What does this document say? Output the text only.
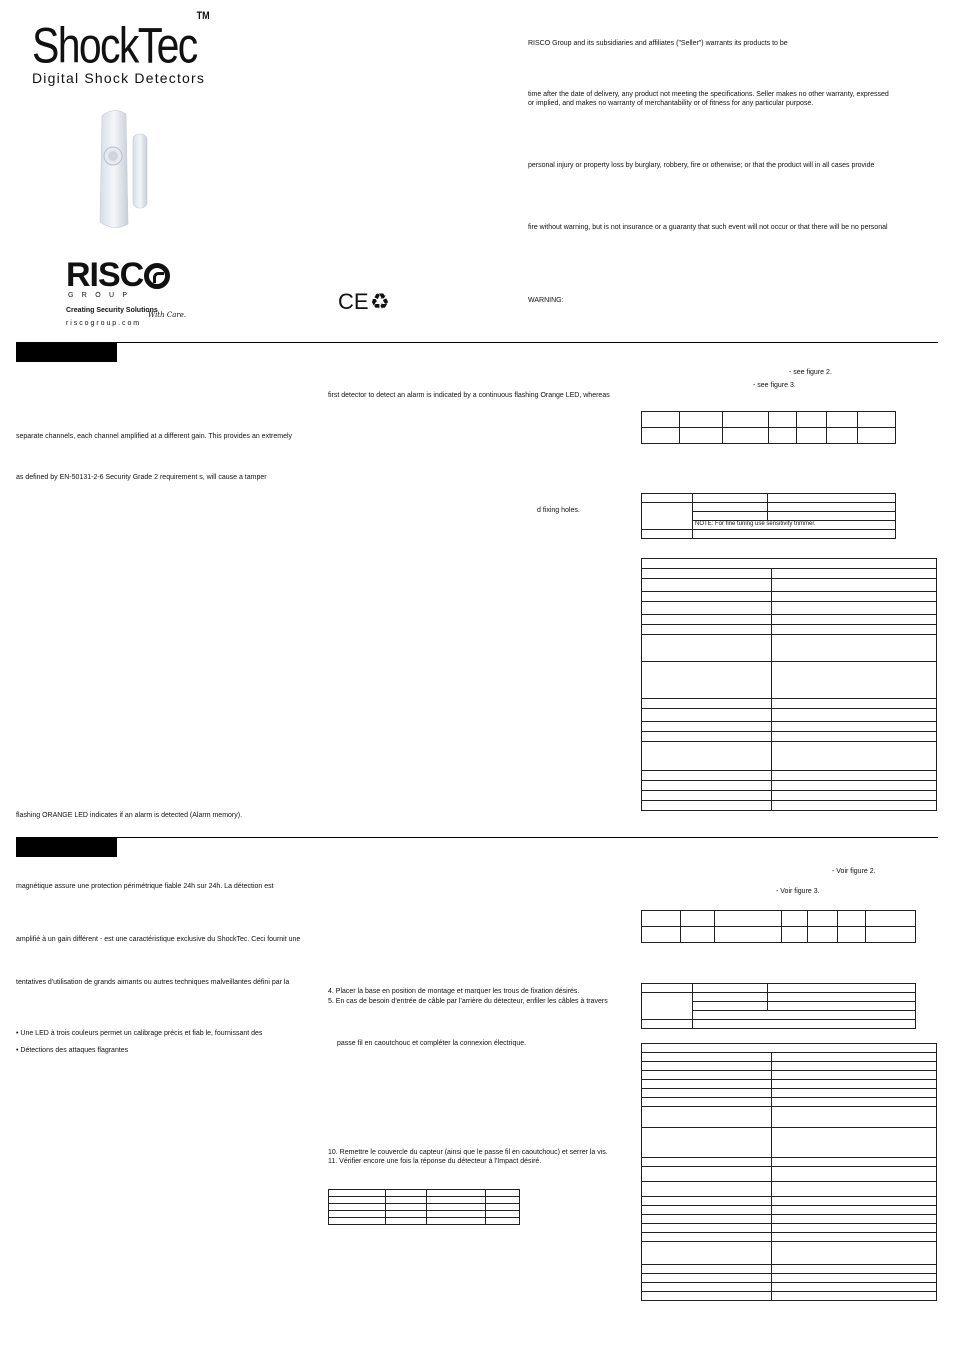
ShockTec™
Digital Shock Detectors
RISC
G R O U P
Creating Security Solutions
With Care.
r i s c o g r o u p . c o m
CE ♻
RISCO Group and its subsidiaries and affiliates ("Seller") warrants its products to be
time after the date of delivery, any product not meeting the specifications. Seller makes no other warranty, expressed
or implied, and makes no warranty of merchantability or of fitness for any particular purpose.
personal injury or property loss by burglary, robbery, fire or otherwise; or that the product will in all cases provide
fire without warning, but is not insurance or a guaranty that such event will not occur or that there will be no personal
WARNING:
- see figure 2.
- see figure 3.
first detector to detect an alarm is indicated by a continuous flashing Orange LED, whereas
separate channels, each channel amplified at a different gain. This provides an extremely
as defined by EN-50131-2-6 Security Grade 2 requirement s, will cause a tamper
d fixing holes.
flashing ORANGE LED indicates if an alarm is detected (Alarm memory).

	NOTE: For fine tuning use sensitivity trimmer.	

- Voir figure 2.
- Voir figure 3.
magnétique assure une protection périmétrique fiable 24h sur 24h. La détection est
amplifié à un gain différent - est une caractéristique exclusive du ShockTec. Ceci fournit une
tentatives d'utilisation de grands aimants ou autres techniques malveillantes défini par la
4. Placer la base en position de montage et marquer les trous de fixation désirés.
5. En cas de besoin d'entrée de câble par l'arrière du détecteur, enfiler les câbles à travers
• Une LED à trois couleurs permet un calibrage précis et fiab le, fournissant des
• Détections des attaques flagrantes
passe fil en caoutchouc et compléter la connexion électrique.
10. Remettre le couvercle du capteur (ainsi que le passe fil en caoutchouc) et serrer la vis.
11. Vérifier encore une fois la réponse du détecteur à l'Impact désiré.
